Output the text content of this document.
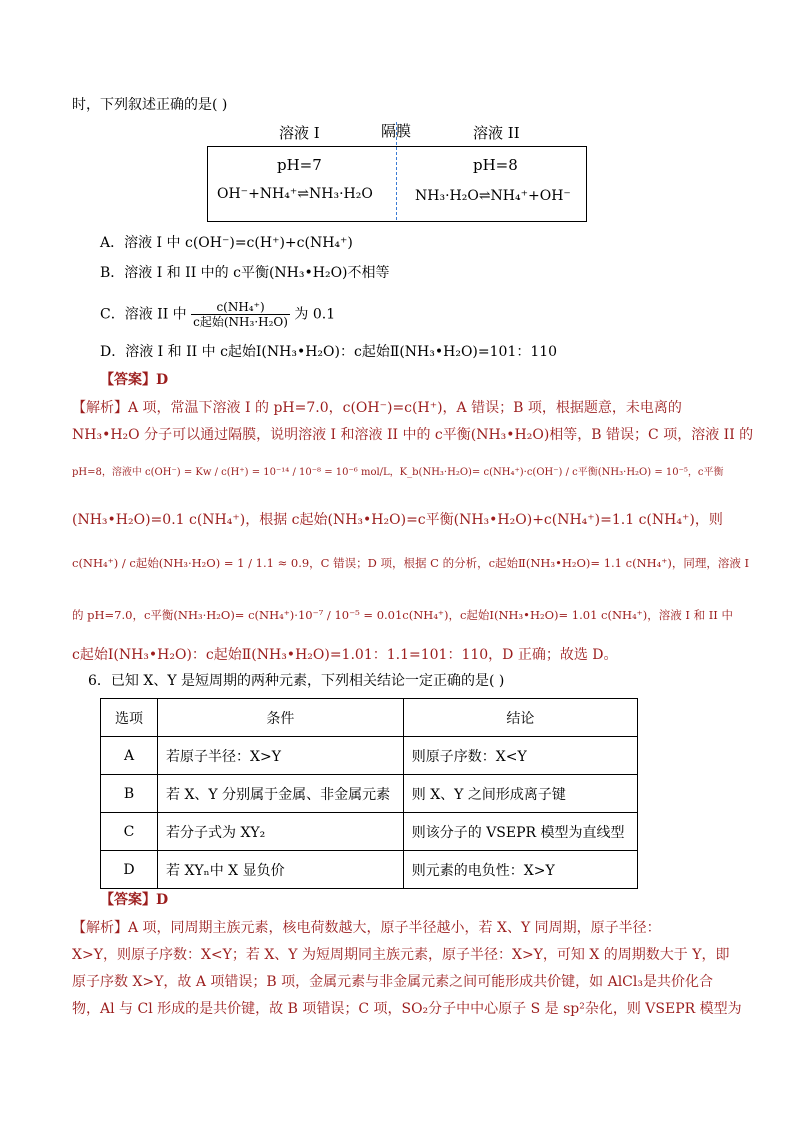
时，下列叙述正确的是( )
溶液 I	隔膜	溶液 II
pH=7	pH=8
OH⁻+NH₄⁺⇌NH₃·H₂O	NH₃·H₂O⇌NH₄⁺+OH⁻
A．溶液 I 中 c(OH⁻)=c(H⁺)+c(NH₄⁺)
B．溶液 I 和 II 中的 c平衡(NH₃•H₂O)不相等
C．溶液 II 中 $\frac{\text{c(NH₄⁺)}}{\text{c起始(NH₃·H₂O)}}$ 为 0.1
D．溶液 I 和 II 中 c起始Ⅰ(NH₃•H₂O)：c起始Ⅱ(NH₃•H₂O)=101：110
【答案】D
【解析】A 项，常温下溶液 I 的 pH=7.0，c(OH⁻)=c(H⁺)，A 错误；B 项，根据题意，未电离的
NH₃•H₂O 分子可以通过隔膜，说明溶液 I 和溶液 II 中的 c平衡(NH₃•H₂O)相等，B 错误；C 项，溶液 II 的
pH=8，溶液中 c(OH⁻) = Kw / c(H⁺) = 10⁻¹⁴ / 10⁻⁸ = 10⁻⁶ mol/L，K_b(NH₃·H₂O)= c(NH₄⁺)·c(OH⁻) / c平衡(NH₃·H₂O) = 10⁻⁵，c平衡
(NH₃•H₂O)=0.1 c(NH₄⁺)，根据 c起始(NH₃•H₂O)=c平衡(NH₃•H₂O)+c(NH₄⁺)=1.1 c(NH₄⁺)，则
c(NH₄⁺) / c起始(NH₃·H₂O) = 1 / 1.1 ≈ 0.9，C 错误；D 项，根据 C 的分析，c起始Ⅱ(NH₃•H₂O)= 1.1 c(NH₄⁺)，同理，溶液 I
的 pH=7.0，c平衡(NH₃·H₂O)= c(NH₄⁺)·10⁻⁷ / 10⁻⁵ = 0.01c(NH₄⁺)，c起始Ⅰ(NH₃•H₂O)= 1.01 c(NH₄⁺)，溶液 I 和 II 中
c起始Ⅰ(NH₃•H₂O)：c起始Ⅱ(NH₃•H₂O)=1.01：1.1=101：110，D 正确；故选 D。
6．已知 X、Y 是短周期的两种元素，下列相关结论一定正确的是( )
选项	条件	结论
A	若原子半径：X>Y	则原子序数：X<Y
B	若 X、Y 分别属于金属、非金属元素	则 X、Y 之间形成离子键
C	若分子式为 XY₂	则该分子的 VSEPR 模型为直线型
D	若 XYₙ中 X 显负价	则元素的电负性：X>Y
【答案】D
【解析】A 项，同周期主族元素，核电荷数越大，原子半径越小，若 X、Y 同周期，原子半径：
X>Y，则原子序数：X<Y；若 X、Y 为短周期同主族元素，原子半径：X>Y，可知 X 的周期数大于 Y，即
原子序数 X>Y，故 A 项错误；B 项，金属元素与非金属元素之间可能形成共价键，如 AlCl₃是共价化合
物，Al 与 Cl 形成的是共价键，故 B 项错误；C 项，SO₂分子中中心原子 S 是 sp²杂化，则 VSEPR 模型为
